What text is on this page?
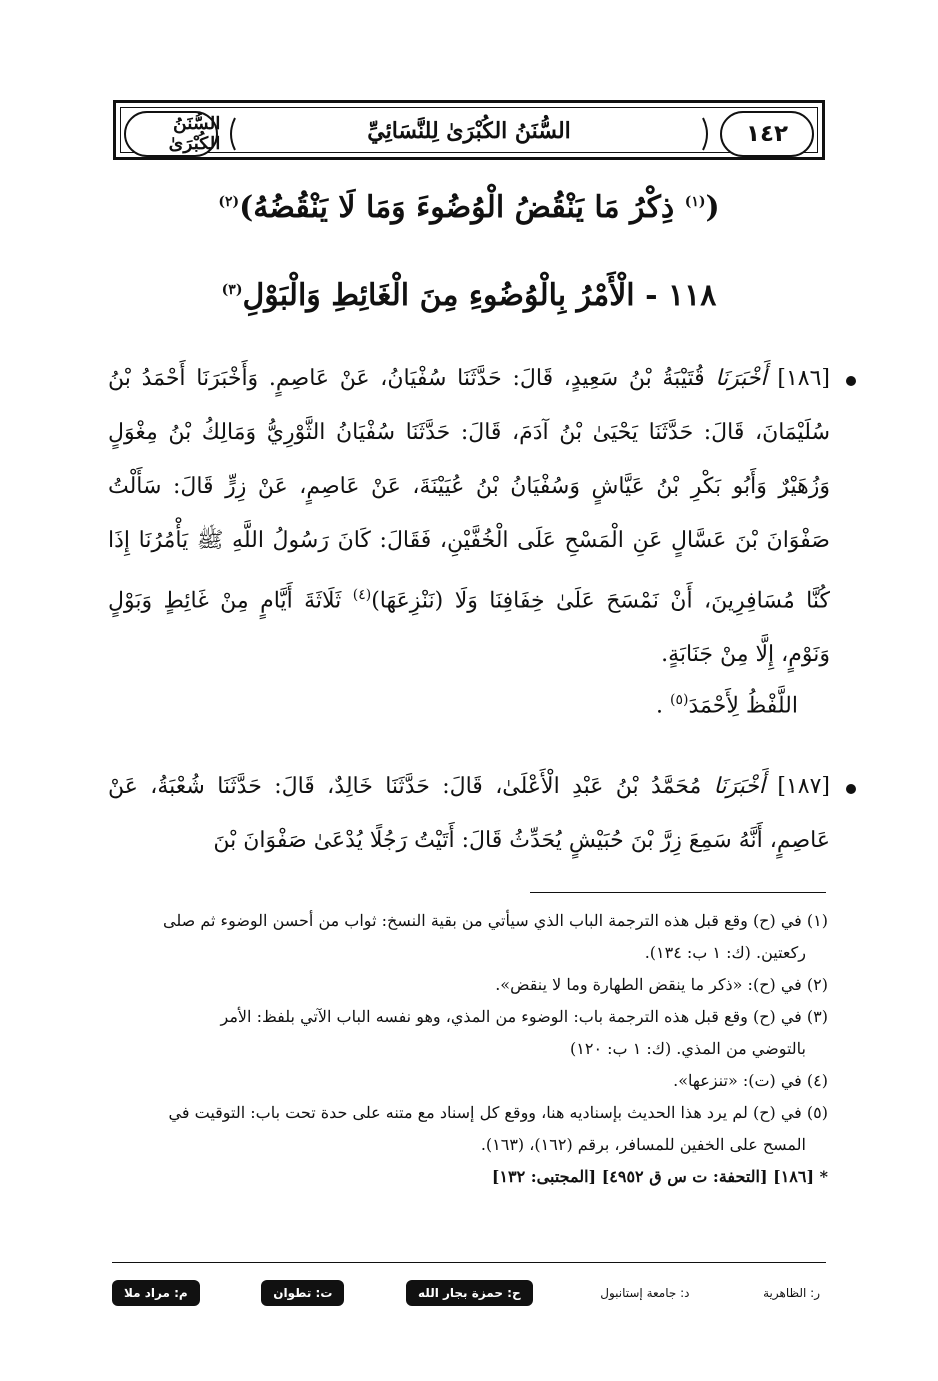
١٤٢
السُّنَنُ الكُبْرَىٰ لِلنَّسَائِيِّ
السُّنَنُ الكُبْرَىٰ
($^{(١)}$ ذِكْرُ مَا يَنْقُضُ الْوُضُوءَ وَمَا لَا يَنْقُضُهُ)$^{(٢)}$
١١٨ - الْأَمْرُ بِالْوُضُوءِ مِنَ الْغَائِطِ وَالْبَوْلِ$^{(٣)}$
[١٨٦] أَخْبَرَنَا قُتَيْبَةُ بْنُ سَعِيدٍ، قَالَ: حَدَّثَنَا سُفْيَانُ، عَنْ عَاصِمٍ. وَأَخْبَرَنَا أَحْمَدُ بْنُ سُلَيْمَانَ، قَالَ: حَدَّثَنَا يَحْيَىٰ بْنُ آدَمَ، قَالَ: حَدَّثَنَا سُفْيَانُ الثَّوْرِيُّ وَمَالِكُ بْنُ مِغْوَلٍ وَزُهَيْرٌ وَأَبُو بَكْرِ بْنُ عَيَّاشٍ وَسُفْيَانُ بْنُ عُيَيْنَةَ، عَنْ عَاصِمٍ، عَنْ زِرٍّ قَالَ: سَأَلْتُ صَفْوَانَ بْنَ عَسَّالٍ عَنِ الْمَسْحِ عَلَى الْخُفَّيْنِ، فَقَالَ: كَانَ رَسُولُ اللَّهِ ﷺ يَأْمُرُنَا إِذَا كُنَّا مُسَافِرِينَ، أَنْ نَمْسَحَ عَلَىٰ خِفَافِنَا وَلَا (نَنْزِعَهَا)$^{(٤)}$ ثَلَاثَةَ أَيَّامٍ مِنْ غَائِطٍ وَبَوْلٍ وَنَوْمٍ، إِلَّا مِنْ جَنَابَةٍ.
اللَّفْظُ لِأَحْمَدَ$^{(٥)}$ .
[١٨٧] أَخْبَرَنَا مُحَمَّدُ بْنُ عَبْدِ الْأَعْلَىٰ، قَالَ: حَدَّثَنَا خَالِدٌ، قَالَ: حَدَّثَنَا شُعْبَةُ، عَنْ عَاصِمٍ، أَنَّهُ سَمِعَ زِرَّ بْنَ حُبَيْشٍ يُحَدِّثُ قَالَ: أَتَيْتُ رَجُلًا يُدْعَىٰ صَفْوَانَ بْنَ

(١) في (ح) وقع قبل هذه الترجمة الباب الذي سيأتي من بقية النسخ: ثواب من أحسن الوضوء ثم صلى

ركعتين. (ك: ١ ب: ١٣٤).

(٢) في (ح): «ذكر ما ينقض الطهارة وما لا ينقض».

(٣) في (ح) وقع قبل هذه الترجمة باب: الوضوء من المذي، وهو نفسه الباب الآتي بلفظ: الأمر

بالتوضي من المذي. (ك: ١ ب: ١٢٠)

(٤) في (ت): «تنزعها».

(٥) في (ح) لم يرد هذا الحديث بإسناديه هنا، ووقع كل إسناد مع متنه على حدة تحت باب: التوقيت في

المسح على الخفين للمسافر، برقم (١٦٢)، (١٦٣).

* [١٨٦] [التحفة: ت س ق ٤٩٥٢] [المجتبى: ١٣٢]

م: مراد ملا	ت: تطوان	ح: حمزة بجار الله	د: جامعة إستانبول	ر: الظاهرية
